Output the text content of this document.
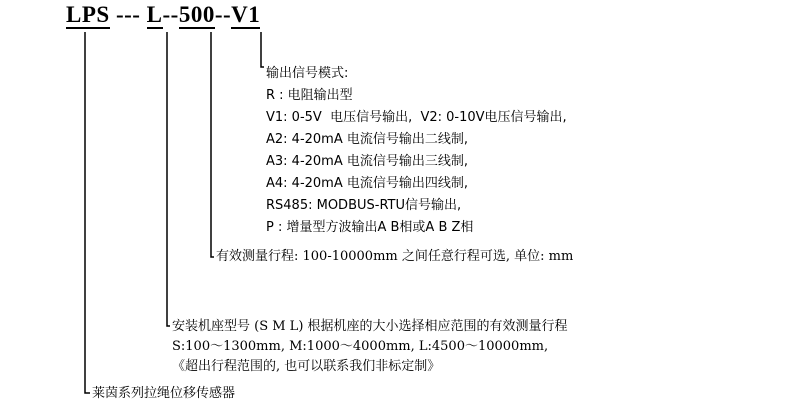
LPS --- L--500--V1
输出信号模式:
R : 电阻输出型
V1: 0-5V  电压信号输出,  V2: 0-10V电压信号输出,
A2: 4-20mA 电流信号输出二线制,
A3: 4-20mA 电流信号输出三线制,
A4: 4-20mA 电流信号输出四线制,
RS485: MODBUS-RTU信号输出,
P : 增量型方波输出A B相或A B Z相
有效测量行程: 100-10000mm 之间任意行程可选, 单位: mm
安装机座型号 (S M L) 根据机座的大小选择相应范围的有效测量行程
S:100～1300mm, M:1000～4000mm, L:4500～10000mm,
《超出行程范围的, 也可以联系我们非标定制》
莱茵系列拉绳位移传感器
